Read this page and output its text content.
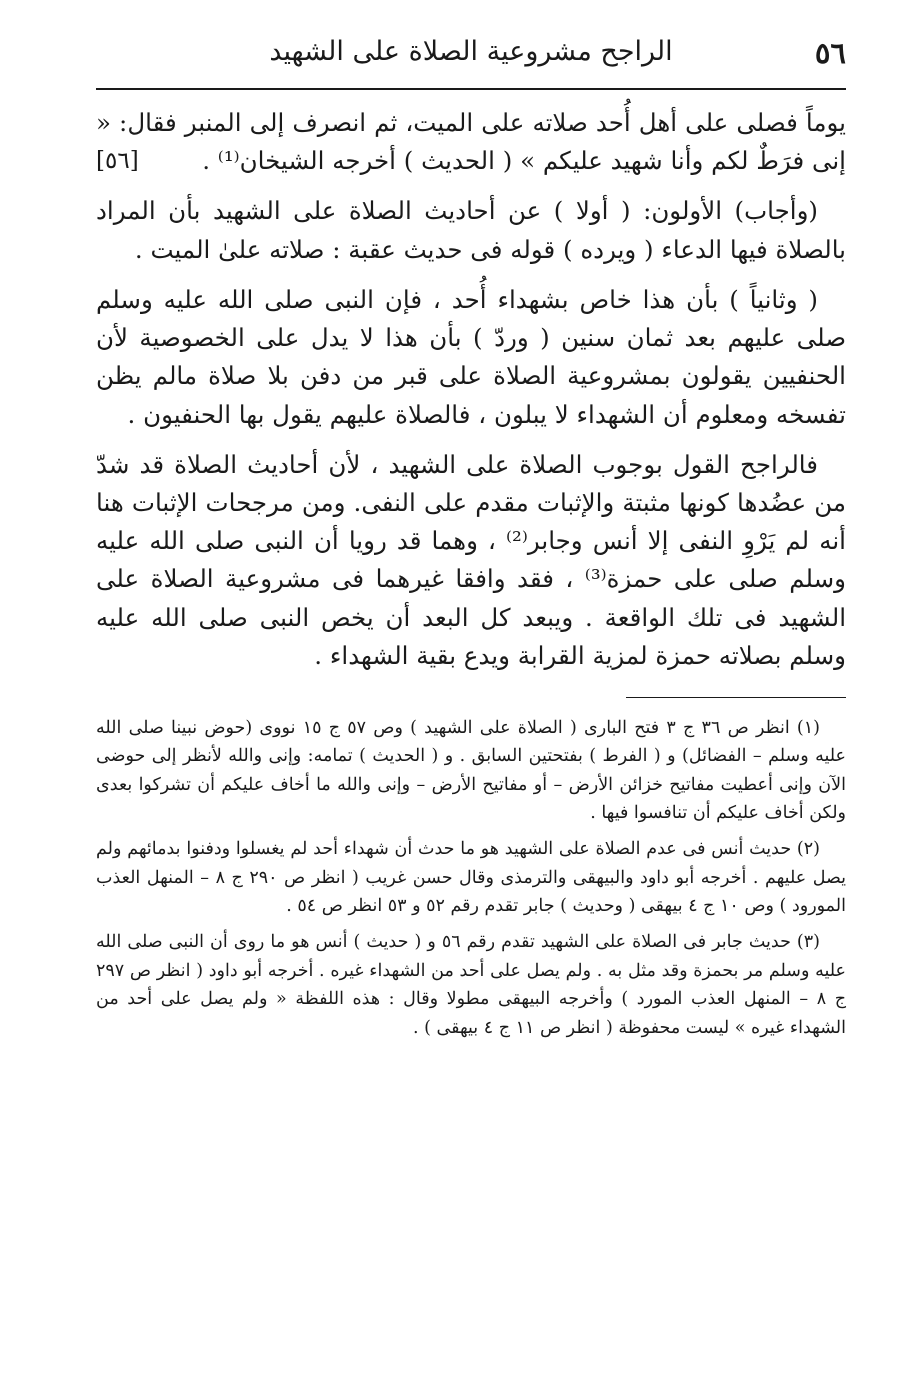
٥٦
الراجح مشروعية الصلاة على الشهيد

يوماً فصلى على أهل أُحد صلاته على الميت، ثم انصرف إلى المنبر فقال: « إنى فرَطٌ لكم وأنا شهيد عليكم » ( الحديث ) أخرجه الشيخان⁽¹⁾ .
[٥٦]

(وأجاب) الأولون: ( أولا ) عن أحاديث الصلاة على الشهيد بأن المراد بالصلاة فيها الدعاء ( ويرده ) قوله فى حديث عقبة : صلاته علىٰ الميت .

( وثانياً ) بأن هذا خاص بشهداء أُحد ، فإن النبى صلى الله عليه وسلم صلى عليهم بعد ثمان سنين ( وردّ ) بأن هذا لا يدل على الخصوصية لأن الحنفيين يقولون بمشروعية الصلاة على قبر من دفن بلا صلاة مالم يظن تفسخه ومعلوم أن الشهداء لا يبلون ، فالصلاة عليهم يقول بها الحنفيون .

فالراجح القول بوجوب الصلاة على الشهيد ، لأن أحاديث الصلاة قد شدّ من عضُدها كونها مثبتة والإثبات مقدم على النفى. ومن مرجحات الإثبات هنا أنه لم يَرْوِ النفى إلا أنس وجابر⁽²⁾ ، وهما قد رويا أن النبى صلى الله عليه وسلم صلى على حمزة⁽³⁾ ، فقد وافقا غيرهما فى مشروعية الصلاة على الشهيد فى تلك الواقعة . ويبعد كل البعد أن يخص النبى صلى الله عليه وسلم بصلاته حمزة لمزية القرابة ويدع بقية الشهداء .

(١) انظر ص ٣٦ ج ٣ فتح البارى ( الصلاة على الشهيد ) وص ٥٧ ج ١٥ نووى (حوض نبينا صلى الله عليه وسلم – الفضائل) و ( الفرط ) بفتحتين السابق . و ( الحديث ) تمامه: وإنى والله لأنظر إلى حوضى الآن وإنى أعطيت مفاتيح خزائن الأرض – أو مفاتيح الأرض – وإنى والله ما أخاف عليكم أن تشركوا بعدى ولكن أخاف عليكم أن تنافسوا فيها .

(٢) حديث أنس فى عدم الصلاة على الشهيد هو ما حدث أن شهداء أحد لم يغسلوا ودفنوا بدمائهم ولم يصل عليهم . أخرجه أبو داود والبيهقى والترمذى وقال حسن غريب ( انظر ص ٢٩٠ ج ٨ – المنهل العذب المورود ) وص ١٠ ج ٤ بيهقى ( وحديث ) جابر تقدم رقم ٥٢ و ٥٣ انظر ص ٥٤ .

(٣) حديث جابر فى الصلاة على الشهيد تقدم رقم ٥٦ و ( حديث ) أنس هو ما روى أن النبى صلى الله عليه وسلم مر بحمزة وقد مثل به . ولم يصل على أحد من الشهداء غيره . أخرجه أبو داود ( انظر ص ٢٩٧ ج ٨ – المنهل العذب المورد ) وأخرجه البيهقى مطولا وقال : هذه اللفظة « ولم يصل على أحد من الشهداء غيره » ليست محفوظة ( انظر ص ١١ ج ٤ بيهقى ) .
